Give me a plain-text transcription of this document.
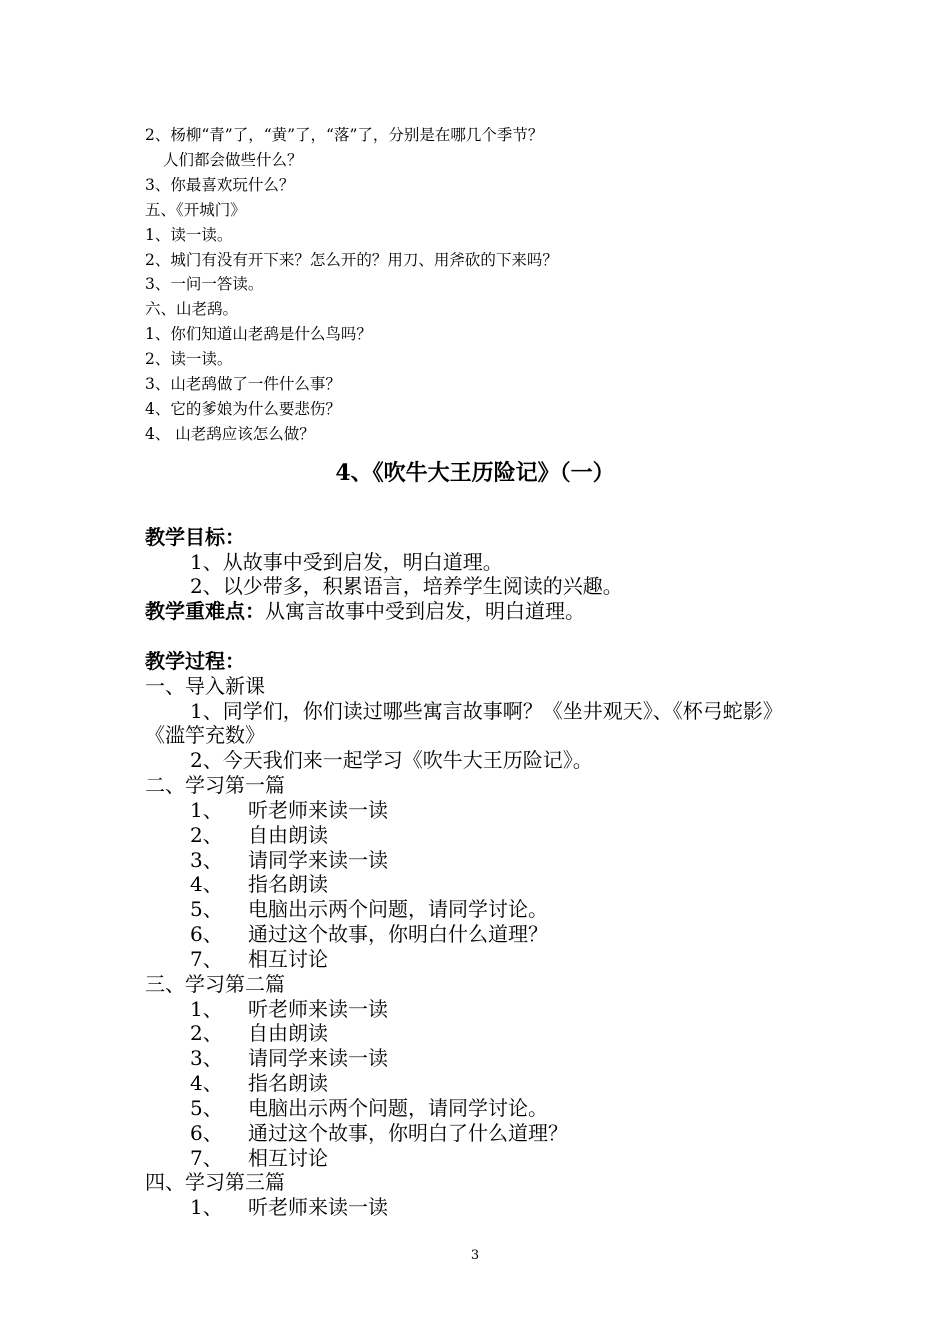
2、杨柳“青”了，“黄”了，“落”了，分别是在哪几个季节？
人们都会做些什么？
3、你最喜欢玩什么？
五、《开城门》
1、读一读。
2、城门有没有开下来？怎么开的？用刀、用斧砍的下来吗？
3、一问一答读。
六、山老鸹。
1、你们知道山老鸹是什么鸟吗？
2、读一读。
3、山老鸹做了一件什么事？
4、它的爹娘为什么要悲伤？
4、 山老鸹应该怎么做？
4、《吹牛大王历险记》（一）
教学目标：
1、从故事中受到启发，明白道理。
2、以少带多，积累语言，培养学生阅读的兴趣。
教学重难点：从寓言故事中受到启发，明白道理。
教学过程：
一、导入新课
1、同学们，你们读过哪些寓言故事啊？《坐井观天》、《杯弓蛇影》
《滥竽充数》
2、今天我们来一起学习《吹牛大王历险记》。
二、学习第一篇
1、 听老师来读一读
2、 自由朗读
3、 请同学来读一读
4、 指名朗读
5、 电脑出示两个问题，请同学讨论。
6、 通过这个故事，你明白什么道理？
7、 相互讨论
三、学习第二篇
1、 听老师来读一读
2、 自由朗读
3、 请同学来读一读
4、 指名朗读
5、 电脑出示两个问题，请同学讨论。
6、 通过这个故事，你明白了什么道理？
7、 相互讨论
四、学习第三篇
1、 听老师来读一读
3
